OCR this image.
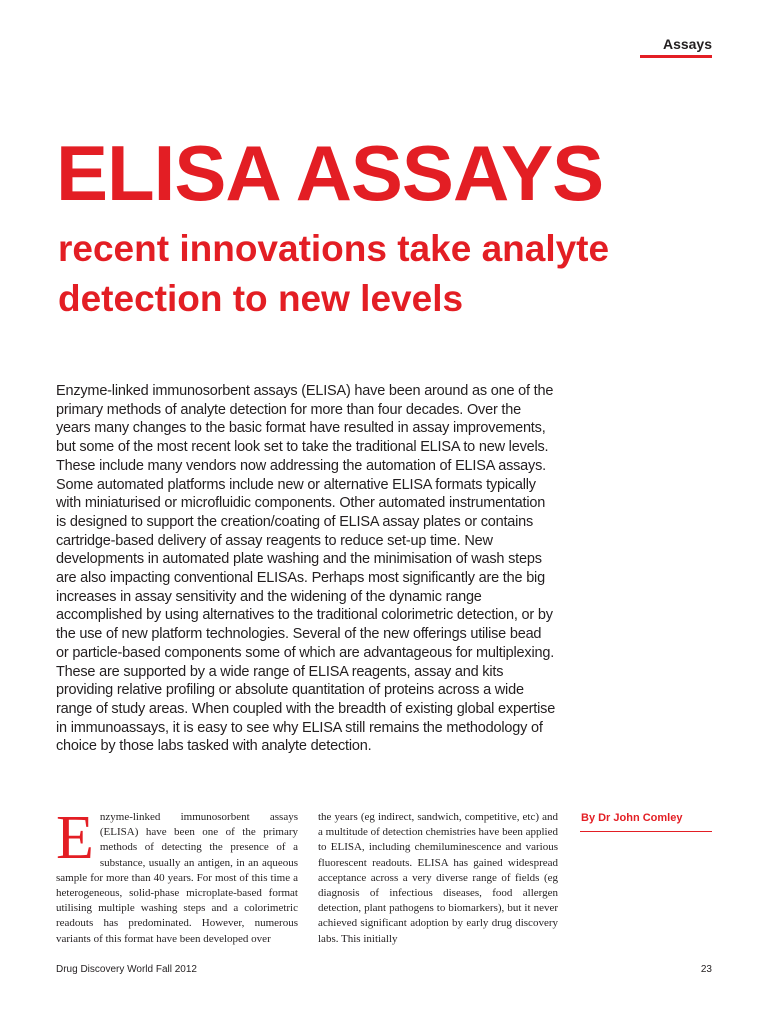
Assays
ELISA ASSAYS
recent innovations take analyte detection to new levels

Enzyme-linked immunosorbent assays (ELISA) have been around as one of the primary methods of analyte detection for more than four decades. Over the years many changes to the basic format have resulted in assay improvements, but some of the most recent look set to take the traditional ELISA to new levels. These include many vendors now addressing the automation of ELISA assays. Some automated platforms include new or alternative ELISA formats typically with miniaturised or microfluidic components. Other automated instrumentation is designed to support the creation/coating of ELISA assay plates or contains cartridge-based delivery of assay reagents to reduce set-up time. New developments in automated plate washing and the minimisation of wash steps are also impacting conventional ELISAs. Perhaps most significantly are the big increases in assay sensitivity and the widening of the dynamic range accomplished by using alternatives to the traditional colorimetric detection, or by the use of new platform technologies. Several of the new offerings utilise bead or particle-based components some of which are advantageous for multiplexing. These are supported by a wide range of ELISA reagents, assay and kits providing relative profiling or absolute quantitation of proteins across a wide range of study areas. When coupled with the breadth of existing global expertise in immunoassays, it is easy to see why ELISA still remains the methodology of choice by those labs tasked with analyte detection.

E nzyme-linked immunosorbent assays (ELISA) have been one of the primary methods of detecting the presence of a substance, usually an antigen, in an aqueous sample for more than 40 years. For most of this time a heterogeneous, solid-phase microplate-based format utilising multiple washing steps and a colorimetric readouts has predominated. However, numerous variants of this format have been developed over
the years (eg indirect, sandwich, competitive, etc) and a multitude of detection chemistries have been applied to ELISA, including chemiluminescence and various fluorescent readouts. ELISA has gained widespread acceptance across a very diverse range of fields (eg diagnosis of infectious diseases, food allergen detection, plant pathogens to biomarkers), but it never achieved significant adoption by early drug discovery labs. This initially
By Dr John Comley
Drug Discovery World Fall 2012	23
